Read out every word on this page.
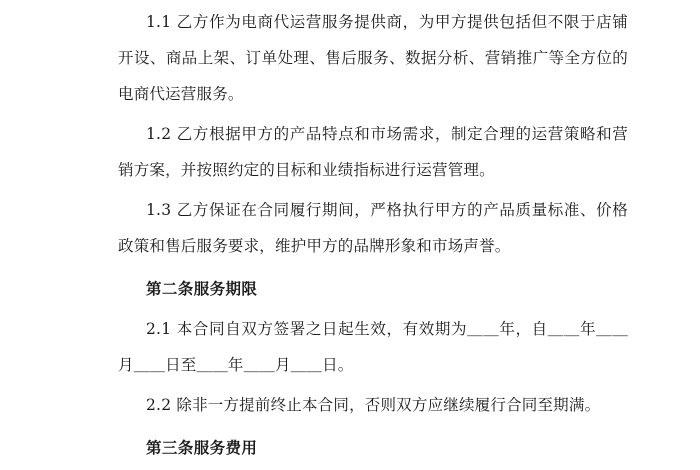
1.1 乙方作为电商代运营服务提供商，为甲方提供包括但不限于店铺开设、商品上架、订单处理、售后服务、数据分析、营销推广等全方位的电商代运营服务。

1.2 乙方根据甲方的产品特点和市场需求，制定合理的运营策略和营销方案，并按照约定的目标和业绩指标进行运营管理。

1.3 乙方保证在合同履行期间，严格执行甲方的产品质量标准、价格政策和售后服务要求，维护甲方的品牌形象和市场声誉。

第二条服务期限

2.1 本合同自双方签署之日起生效，有效期为＿＿年，自＿＿年＿＿月＿＿日至＿＿年＿＿月＿＿日。

2.2 除非一方提前终止本合同，否则双方应继续履行合同至期满。

第三条服务费用
